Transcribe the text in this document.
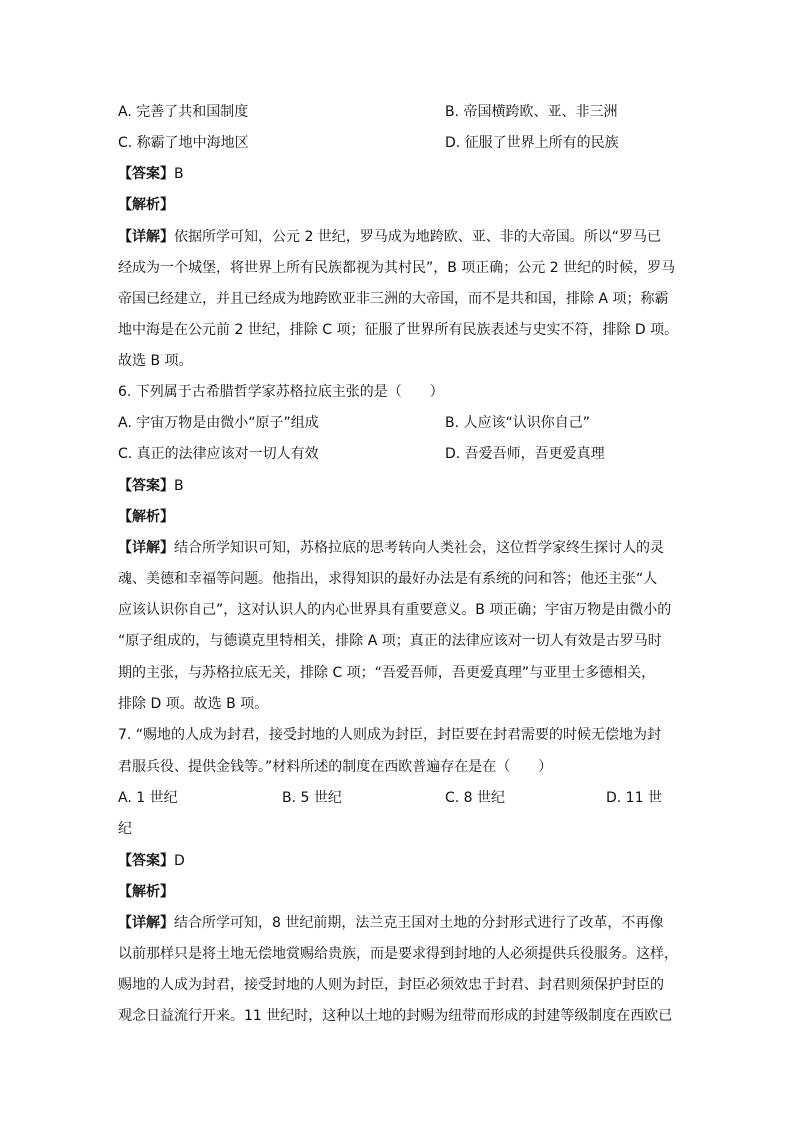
A. 完善了共和国制度	B. 帝国横跨欧、亚、非三洲
C. 称霸了地中海地区	D. 征服了世界上所有的民族
【答案】B
【解析】
【详解】依据所学可知，公元 2 世纪，罗马成为地跨欧、亚、非的大帝国。所以“罗马已
经成为一个城堡，将世界上所有民族都视为其村民”，B 项正确；公元 2 世纪的时候，罗马
帝国已经建立，并且已经成为地跨欧亚非三洲的大帝国，而不是共和国，排除 A 项；称霸
地中海是在公元前 2 世纪，排除 C 项；征服了世界所有民族表述与史实不符，排除 D 项。
故选 B 项。
6. 下列属于古希腊哲学家苏格拉底主张的是（　　）
A. 宇宙万物是由微小“原子”组成	B. 人应该“认识你自己”
C. 真正的法律应该对一切人有效	D. 吾爱吾师，吾更爱真理
【答案】B
【解析】
【详解】结合所学知识可知，苏格拉底的思考转向人类社会，这位哲学家终生探讨人的灵
魂、美德和幸福等问题。他指出，求得知识的最好办法是有系统的问和答；他还主张“人
应该认识你自己”，这对认识人的内心世界具有重要意义。B 项正确；宇宙万物是由微小的
“原子组成的，与德谟克里特相关，排除 A 项；真正的法律应该对一切人有效是古罗马时
期的主张，与苏格拉底无关，排除 C 项；“吾爱吾师，吾更爱真理”与亚里士多德相关，
排除 D 项。故选 B 项。
7. “赐地的人成为封君，接受封地的人则成为封臣，封臣要在封君需要的时候无偿地为封
君服兵役、提供金钱等。”材料所述的制度在西欧普遍存在是在（　　）
A. 1 世纪	B. 5 世纪	C. 8 世纪	D. 11 世
纪
【答案】D
【解析】
【详解】结合所学可知，8 世纪前期，法兰克王国对土地的分封形式进行了改革，不再像
以前那样只是将土地无偿地赏赐给贵族，而是要求得到封地的人必须提供兵役服务。这样，
赐地的人成为封君，接受封地的人则为封臣，封臣必须效忠于封君、封君则须保护封臣的
观念日益流行开来。11 世纪时，这种以土地的封赐为纽带而形成的封建等级制度在西欧已
